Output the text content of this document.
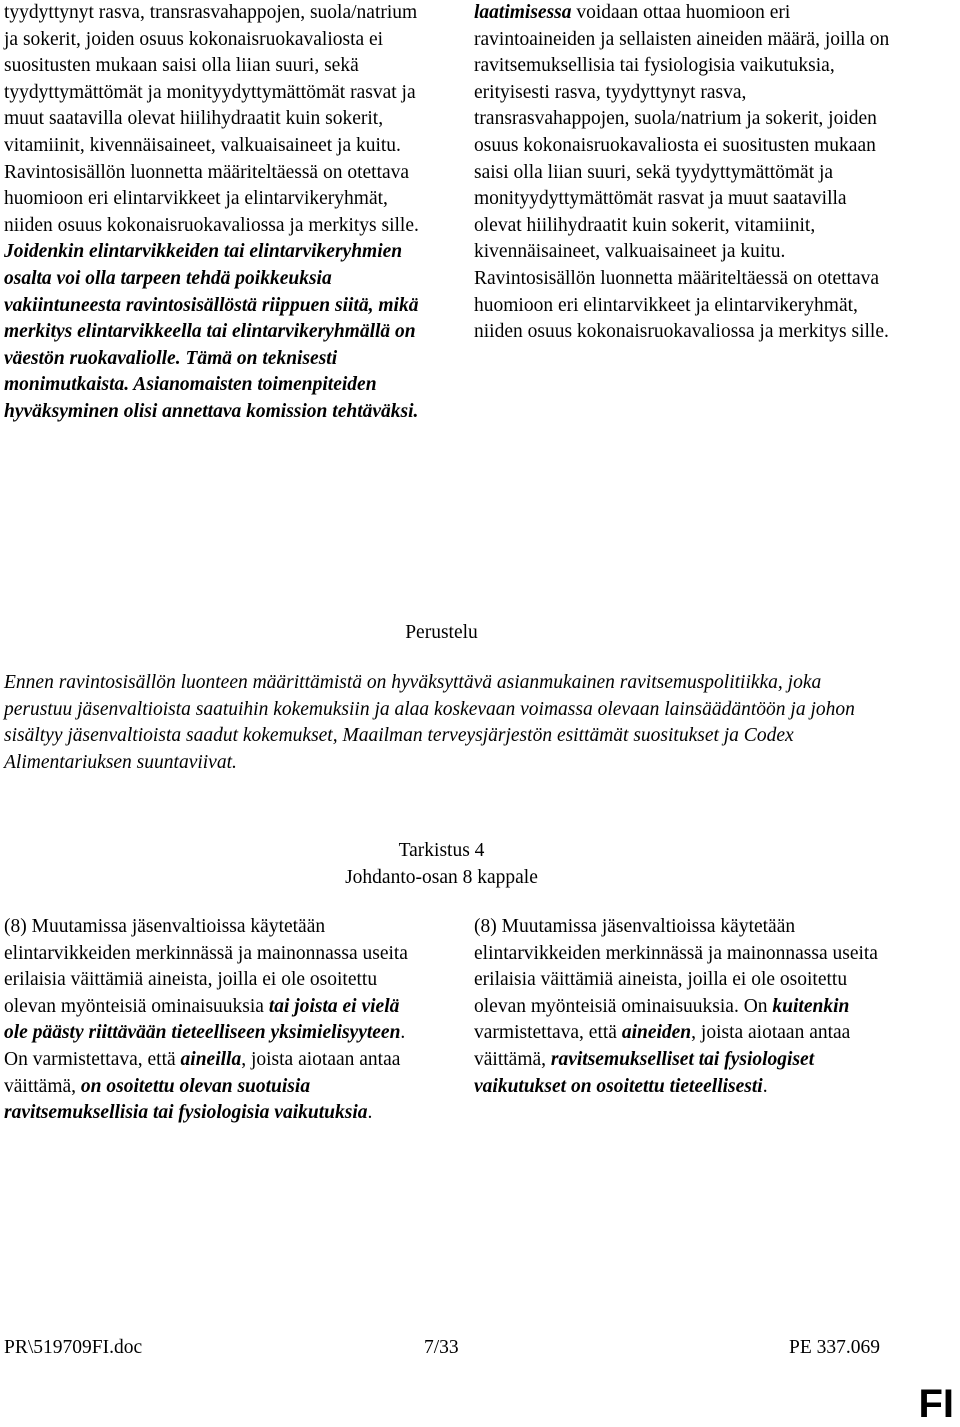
tyydyttynyt rasva, transrasvahappojen, suola/natrium ja sokerit, joiden osuus kokonaisruokavaliosta ei suositusten mukaan saisi olla liian suuri, sekä tyydyttymättömät ja monityydyttymättömät rasvat ja muut saatavilla olevat hiilihydraatit kuin sokerit, vitamiinit, kivennäisaineet, valkuaisaineet ja kuitu. Ravintosisällön luonnetta määriteltäessä on otettava huomioon eri elintarvikkeet ja elintarvikeryhmät, niiden osuus kokonaisruokavaliossa ja merkitys sille. Joidenkin elintarvikkeiden tai elintarvikeryhmien osalta voi olla tarpeen tehdä poikkeuksia vakiintuneesta ravintosisällöstä riippuen siitä, mikä merkitys elintarvikkeella tai elintarvikeryhmällä on väestön ruokavaliolle. Tämä on teknisesti monimutkaista. Asianomaisten toimenpiteiden hyväksyminen olisi annettava komission tehtäväksi.

laatimisessa voidaan ottaa huomioon eri ravintoaineiden ja sellaisten aineiden määrä, joilla on ravitsemuksellisia tai fysiologisia vaikutuksia, erityisesti rasva, tyydyttynyt rasva, transrasvahappojen, suola/natrium ja sokerit, joiden osuus kokonaisruokavaliosta ei suositusten mukaan saisi olla liian suuri, sekä tyydyttymättömät ja monityydyttymättömät rasvat ja muut saatavilla olevat hiilihydraatit kuin sokerit, vitamiinit, kivennäisaineet, valkuaisaineet ja kuitu. Ravintosisällön luonnetta määriteltäessä on otettava huomioon eri elintarvikkeet ja elintarvikeryhmät, niiden osuus kokonaisruokavaliossa ja merkitys sille.

Perustelu
Ennen ravintosisällön luonteen määrittämistä on hyväksyttävä asianmukainen ravitsemuspolitiikka, joka perustuu jäsenvaltioista saatuihin kokemuksiin ja alaa koskevaan voimassa olevaan lainsäädäntöön ja johon sisältyy jäsenvaltioista saadut kokemukset, Maailman terveysjärjestön esittämät suositukset ja Codex Alimentariuksen suuntaviivat.
Tarkistus 4
Johdanto-osan 8 kappale

(8) Muutamissa jäsenvaltioissa käytetään elintarvikkeiden merkinnässä ja mainonnassa useita erilaisia väittämiä aineista, joilla ei ole osoitettu olevan myönteisiä ominaisuuksia tai joista ei vielä ole päästy riittävään tieteelliseen yksimielisyyteen. On varmistettava, että aineilla, joista aiotaan antaa väittämä, on osoitettu olevan suotuisia ravitsemuksellisia tai fysiologisia vaikutuksia.

(8) Muutamissa jäsenvaltioissa käytetään elintarvikkeiden merkinnässä ja mainonnassa useita erilaisia väittämiä aineista, joilla ei ole osoitettu olevan myönteisiä ominaisuuksia. On kuitenkin varmistettava, että aineiden, joista aiotaan antaa väittämä, ravitsemukselliset tai fysiologiset vaikutukset on osoitettu tieteellisesti.

PR\519709FI.doc	7/33	PE 337.069
FI
